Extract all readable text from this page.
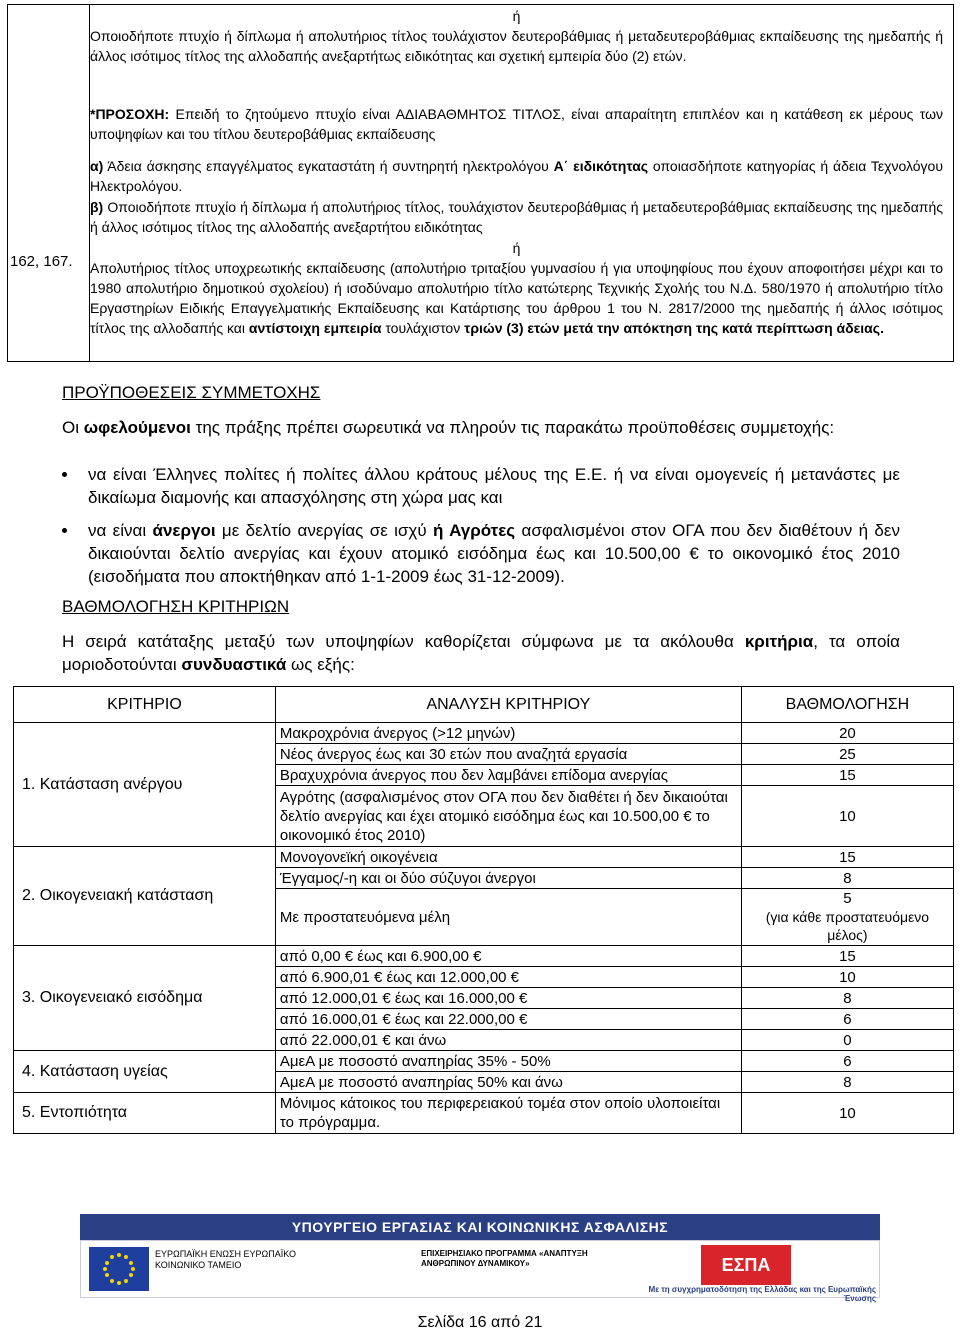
162, 167.
ή
Οποιοδήποτε πτυχίο ή δίπλωμα ή απολυτήριος τίτλος τουλάχιστον δευτεροβάθμιας ή μεταδευτεροβάθμιας εκπαίδευσης της ημεδαπής ή άλλος ισότιμος τίτλος της αλλοδαπής ανεξαρτήτως ειδικότητας και σχετική εμπειρία δύο (2) ετών.
*ΠΡΟΣΟΧΗ: Επειδή το ζητούμενο πτυχίο είναι ΑΔΙΑΒΑΘΜΗΤΟΣ ΤΙΤΛΟΣ, είναι απαραίτητη επιπλέον και η κατάθεση εκ μέρους των υποψηφίων και του τίτλου δευτεροβάθμιας εκπαίδευσης
α) Άδεια άσκησης επαγγέλματος εγκαταστάτη ή συντηρητή ηλεκτρολόγου Α΄ ειδικότητας οποιασδήποτε κατηγορίας ή άδεια Τεχνολόγου Ηλεκτρολόγου.
β) Οποιοδήποτε πτυχίο ή δίπλωμα ή απολυτήριος τίτλος, τουλάχιστον δευτεροβάθμιας ή μεταδευτεροβάθμιας εκπαίδευσης της ημεδαπής ή άλλος ισότιμος τίτλος της αλλοδαπής ανεξαρτήτου ειδικότητας
ή
Απολυτήριος τίτλος υποχρεωτικής εκπαίδευσης (απολυτήριο τριταξίου γυμνασίου ή για υποψηφίους που έχουν αποφοιτήσει μέχρι και το 1980 απολυτήριο δημοτικού σχολείου) ή ισοδύναμο απολυτήριο τίτλο κατώτερης Τεχνικής Σχολής του Ν.Δ. 580/1970 ή απολυτήριο τίτλο Εργαστηρίων Ειδικής Επαγγελματικής Εκπαίδευσης και Κατάρτισης του άρθρου 1 του Ν. 2817/2000 της ημεδαπής ή άλλος ισότιμος τίτλος της αλλοδαπής και αντίστοιχη εμπειρία τουλάχιστον τριών (3) ετών μετά την απόκτηση της κατά περίπτωση άδειας.
ΠΡΟΫΠΟΘΕΣΕΙΣ ΣΥΜΜΕΤΟΧΗΣ
Οι ωφελούμενοι της πράξης πρέπει σωρευτικά να πληρούν τις παρακάτω προϋποθέσεις συμμετοχής:
να είναι Έλληνες πολίτες ή πολίτες άλλου κράτους μέλους της Ε.Ε. ή να είναι ομογενείς ή μετανάστες με δικαίωμα διαμονής και απασχόλησης στη χώρα μας και
να είναι άνεργοι με δελτίο ανεργίας σε ισχύ ή Αγρότες ασφαλισμένοι στον ΟΓΑ που δεν διαθέτουν ή δεν δικαιούνται δελτίο ανεργίας και έχουν ατομικό εισόδημα έως και 10.500,00 € το οικονομικό έτος 2010 (εισοδήματα που αποκτήθηκαν από 1-1-2009 έως 31-12-2009).
ΒΑΘΜΟΛΟΓΗΣΗ ΚΡΙΤΗΡΙΩΝ
Η σειρά κατάταξης μεταξύ των υποψηφίων καθορίζεται σύμφωνα με τα ακόλουθα κριτήρια, τα οποία μοριοδοτούνται συνδυαστικά ως εξής:
ΚΡΙΤΗΡΙΟ	ΑΝΑΛΥΣΗ ΚΡΙΤΗΡΙΟΥ	ΒΑΘΜΟΛΟΓΗΣΗ
1. Κατάσταση ανέργου	Μακροχρόνια άνεργος (>12 μηνών)	20
	Νέος άνεργος έως και 30 ετών που αναζητά εργασία	25
	Βραχυχρόνια άνεργος που δεν λαμβάνει επίδομα ανεργίας	15
	Αγρότης (ασφαλισμένος στον ΟΓΑ που δεν διαθέτει ή δεν δικαιούται δελτίο ανεργίας και έχει ατομικό εισόδημα έως και 10.500,00 € το οικονομικό έτος 2010)	10
2. Οικογενειακή κατάσταση	Μονογονεϊκή οικογένεια	15
	Έγγαμος/-η και οι δύο σύζυγοι άνεργοι	8
	Με προστατευόμενα μέλη	5
(για κάθε προστατευόμενο μέλος)

3. Οικογενειακό εισόδημα	από 0,00 € έως και 6.900,00 €	15
	από 6.900,01 € έως και 12.000,00 €	10
	από 12.000,01 € έως και 16.000,00 €	8
	από 16.000,01 € έως και 22.000,00 €	6
	από 22.000,01 € και άνω	0
4. Κατάσταση υγείας	ΑμεΑ με ποσοστό αναπηρίας 35% - 50%	6
	ΑμεΑ με ποσοστό αναπηρίας 50% και άνω	8
5. Εντοπιότητα	Μόνιμος κάτοικος του περιφερειακού τομέα στον οποίο υλοποιείται το πρόγραμμα.	10
ΥΠΟΥΡΓΕΙΟ ΕΡΓΑΣΙΑΣ ΚΑΙ ΚΟΙΝΩΝΙΚΗΣ ΑΣΦΑΛΙΣΗΣ
ΕΥΡΩΠΑΪΚΗ ΕΝΩΣΗ ΕΥΡΩΠΑΪΚΟ ΚΟΙΝΩΝΙΚΟ ΤΑΜΕΙΟ
ΕΠΙΧΕΙΡΗΣΙΑΚΟ ΠΡΟΓΡΑΜΜΑ «ΑΝΑΠΤΥΞΗ ΑΝΘΡΩΠΙΝΟΥ ΔΥΝΑΜΙΚΟΥ»	ΕΣΠΑ
Με τη συγχρηματοδότηση της Ελλάδας και της Ευρωπαϊκής Ένωσης
Σελίδα 16 από 21
